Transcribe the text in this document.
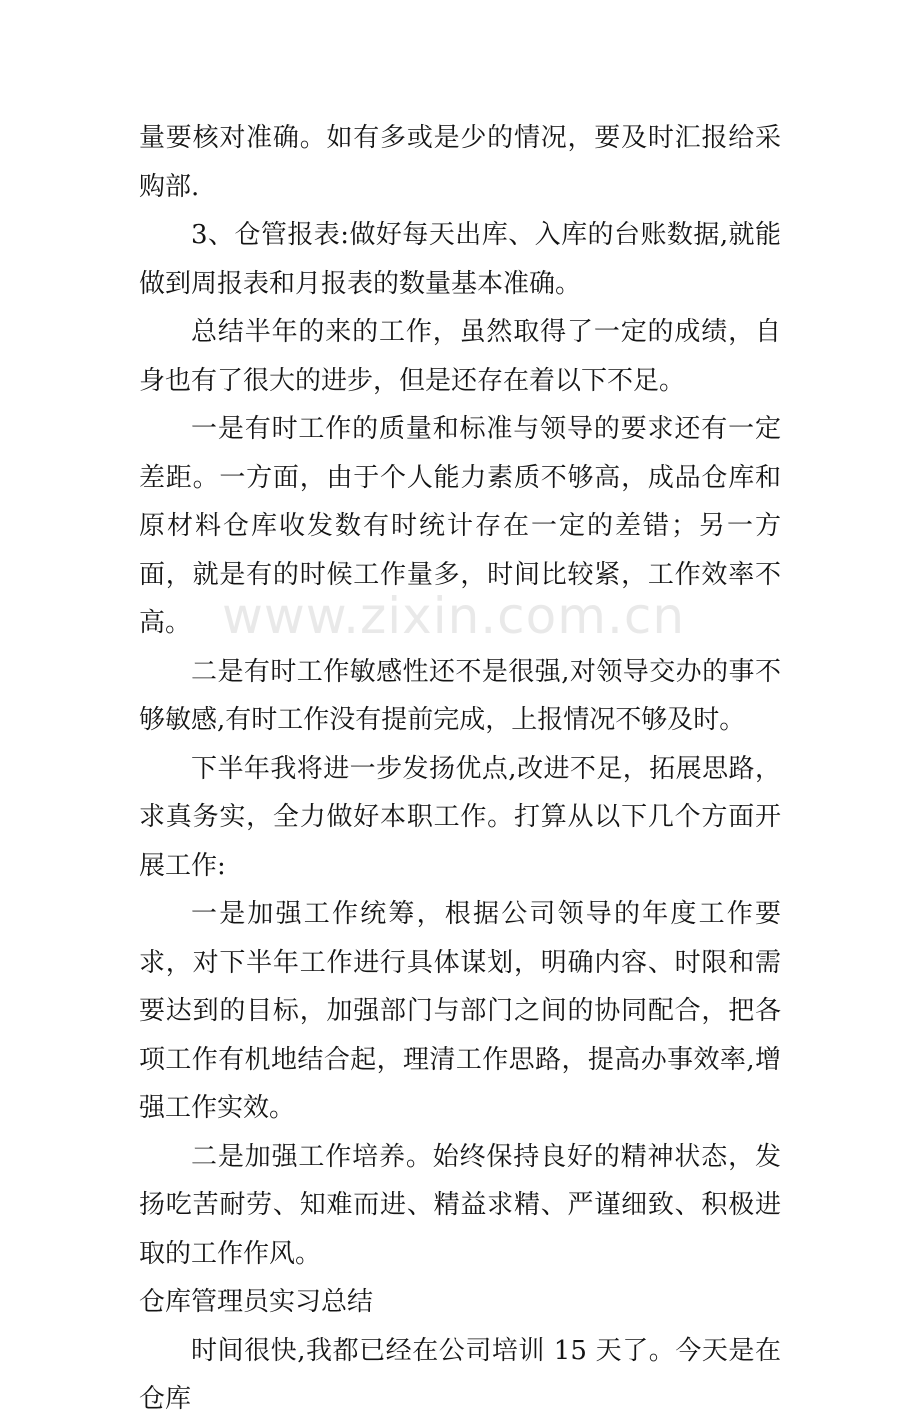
量要核对准确。如有多或是少的情况，要及时汇报给采购部.

3、仓管报表:做好每天出库、入库的台账数据,就能做到周报表和月报表的数量基本准确。

总结半年的来的工作，虽然取得了一定的成绩，自身也有了很大的进步，但是还存在着以下不足。

一是有时工作的质量和标准与领导的要求还有一定差距。一方面，由于个人能力素质不够高，成品仓库和原材料仓库收发数有时统计存在一定的差错；另一方面，就是有的时候工作量多，时间比较紧，工作效率不高。

二是有时工作敏感性还不是很强,对领导交办的事不够敏感,有时工作没有提前完成，上报情况不够及时。

下半年我将进一步发扬优点,改进不足，拓展思路，求真务实，全力做好本职工作。打算从以下几个方面开展工作:

一是加强工作统筹，根据公司领导的年度工作要求，对下半年工作进行具体谋划，明确内容、时限和需要达到的目标，加强部门与部门之间的协同配合，把各项工作有机地结合起，理清工作思路，提高办事效率,增强工作实效。

二是加强工作培养。始终保持良好的精神状态，发扬吃苦耐劳、知难而进、精益求精、严谨细致、积极进取的工作作风。

仓库管理员实习总结

时间很快,我都已经在公司培训 15 天了。今天是在仓库

www.zixin.com.cn
